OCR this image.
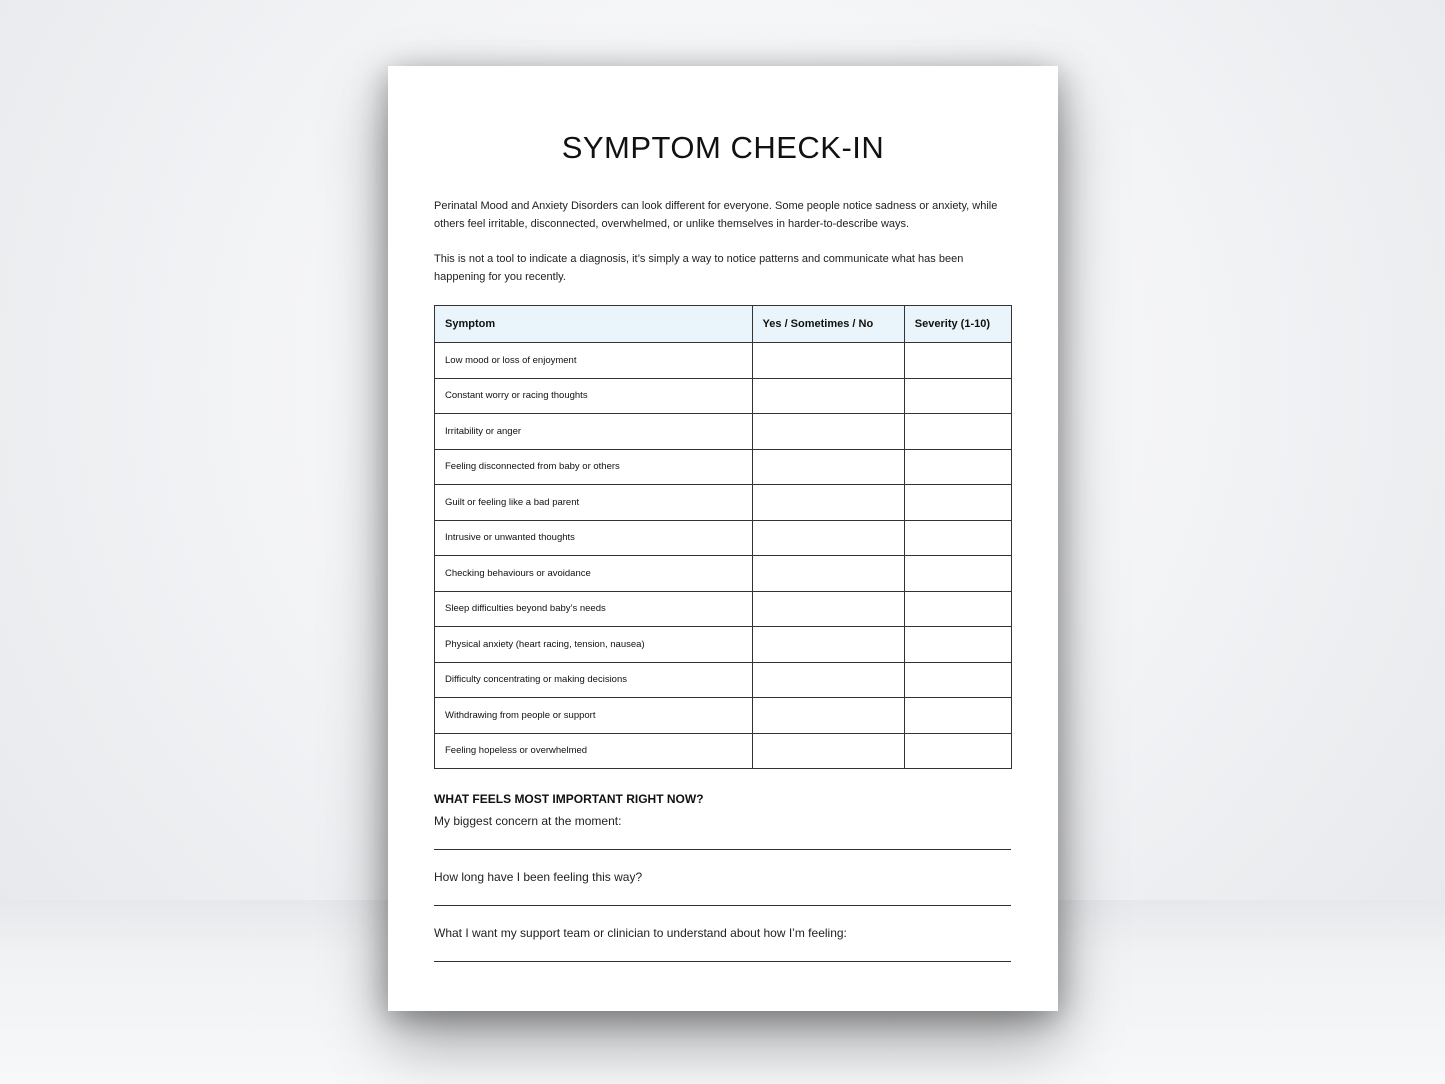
SYMPTOM CHECK-IN
Perinatal Mood and Anxiety Disorders can look different for everyone. Some people notice sadness or anxiety, while others feel irritable, disconnected, overwhelmed, or unlike themselves in harder-to-describe ways.
This is not a tool to indicate a diagnosis, it’s simply a way to notice patterns and communicate what has been happening for you recently.
Symptom	Yes / Sometimes / No	Severity (1-10)
Low mood or loss of enjoyment		
Constant worry or racing thoughts		
Irritability or anger		
Feeling disconnected from baby or others		
Guilt or feeling like a bad parent		
Intrusive or unwanted thoughts		
Checking behaviours or avoidance		
Sleep difficulties beyond baby’s needs		
Physical anxiety (heart racing, tension, nausea)		
Difficulty concentrating or making decisions		
Withdrawing from people or support		
Feeling hopeless or overwhelmed		
WHAT FEELS MOST IMPORTANT RIGHT NOW?
My biggest concern at the moment:
How long have I been feeling this way?
What I want my support team or clinician to understand about how I’m feeling:
